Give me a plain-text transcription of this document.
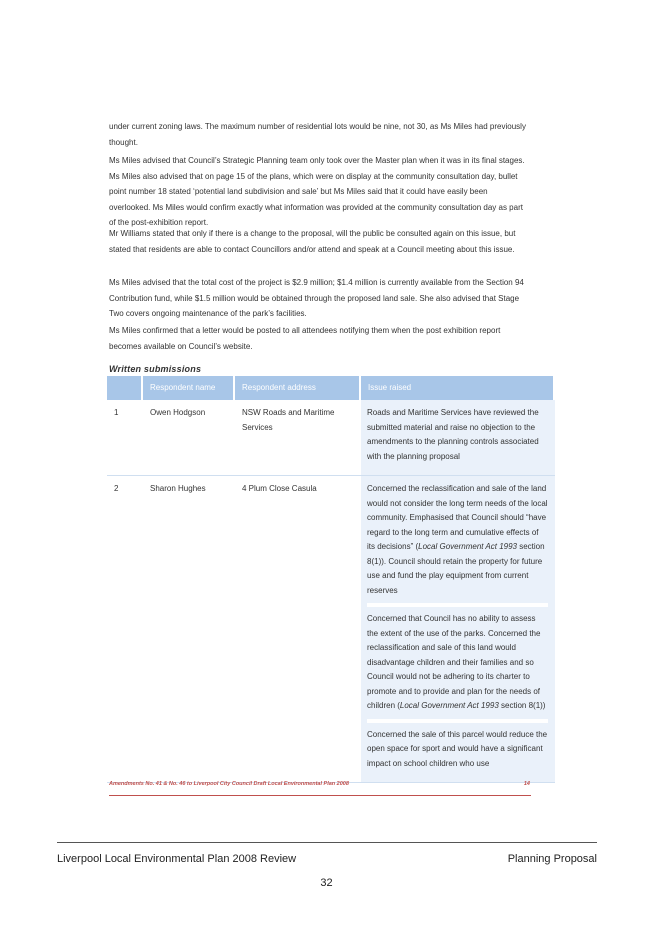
under current zoning laws. The maximum number of residential lots would be nine, not 30, as Ms Miles had previously thought.

Ms Miles advised that Council’s Strategic Planning team only took over the Master plan when it was in its final stages. Ms Miles also advised that on page 15 of the plans, which were on display at the community consultation day, bullet point number 18 stated ‘potential land subdivision and sale’ but Ms Miles said that it could have easily been overlooked. Ms Miles would confirm exactly what information was provided at the community consultation day as part of the post-exhibition report.

Mr Williams stated that only if there is a change to the proposal, will the public be consulted again on this issue, but stated that residents are able to contact Councillors and/or attend and speak at a Council meeting about this issue.

Ms Miles advised that the total cost of the project is $2.9 million; $1.4 million is currently available from the Section 94 Contribution fund, while $1.5 million would be obtained through the proposed land sale. She also advised that Stage Two covers ongoing maintenance of the park’s facilities.

Ms Miles confirmed that a letter would be posted to all attendees notifying them when the post exhibition report becomes available on Council’s website.

Written submissions
	Respondent name	Respondent address	Issue raised
1	Owen Hodgson	NSW Roads and Maritime Services	Roads and Maritime Services have reviewed the submitted material and raise no objection to the amendments to the planning controls associated with the planning proposal

2	Sharon Hughes	4 Plum Close Casula	Concerned the reclassification and sale of the land would not consider the long term needs of the local community. Emphasised that Council should “have regard to the long term and cumulative effects of its decisions” (Local Government Act 1993 section 8(1)). Council should retain the property for future use and fund the play equipment from current reserves
Concerned that Council has no ability to assess the extent of the use of the parks. Concerned the reclassification and sale of this land would disadvantage children and their families and so Council would not be adhering to its charter to promote and to provide and plan for the needs of children (Local Government Act 1993 section 8(1))
Concerned the sale of this parcel would reduce the open space for sport and would have a significant impact on school children who use
Amendments No. 41 & No. 46 to Liverpool City Council Draft Local Environmental Plan 2008	14
Liverpool Local Environmental Plan 2008 Review	Planning Proposal
32
